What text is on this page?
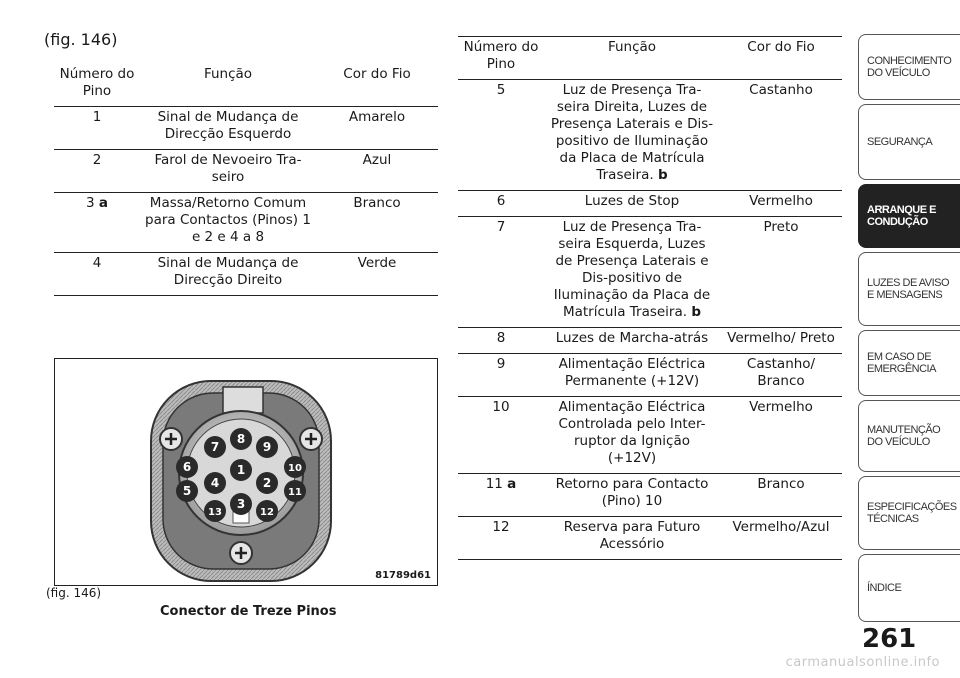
(fig. 146)
Número do Pino	Função	Cor do Fio
1	Sinal de Mudança de Direcção Esquerdo	Amarelo
2	Farol de Nevoeiro Tra-seiro	Azul
3 a	Massa/Retorno Comum para Contactos (Pinos) 1 e 2 e 4 a 8	Branco
4	Sinal de Mudança de Direcção Direito	Verde
Número do Pino	Função	Cor do Fio
5	Luz de Presença Tra-seira Direita, Luzes de Presença Laterais e Dis-positivo de Iluminação da Placa de Matrícula Traseira. b	Castanho
6	Luzes de Stop	Vermelho
7	Luz de Presença Tra-seira Esquerda, Luzes de Presença Laterais e Dis-positivo de Iluminação da Placa de Matrícula Traseira. b	Preto
8	Luzes de Marcha-atrás	Vermelho/ Preto
9	Alimentação Eléctrica Permanente (+12V)	Castanho/ Branco
10	Alimentação Eléctrica Controlada pelo Inter-ruptor da Ignição (+12V)	Vermelho
11 a	Retorno para Contacto (Pino) 10	Branco
12	Reserva para Futuro Acessório	Vermelho/Azul
1
2
3
4
5
6
7
8
9
10
11
12
13
81789d61
(fig. 146)
Conector de Treze Pinos
CONHECIMENTO DO VEÍCULO
SEGURANÇA
ARRANQUE E CONDUÇÃO
LUZES DE AVISO E MENSAGENS
EM CASO DE EMERGÊNCIA
MANUTENÇÃO DO VEÍCULO
ESPECIFICAÇÕES TÉCNICAS
ÍNDICE
261
carmanualsonline.info
